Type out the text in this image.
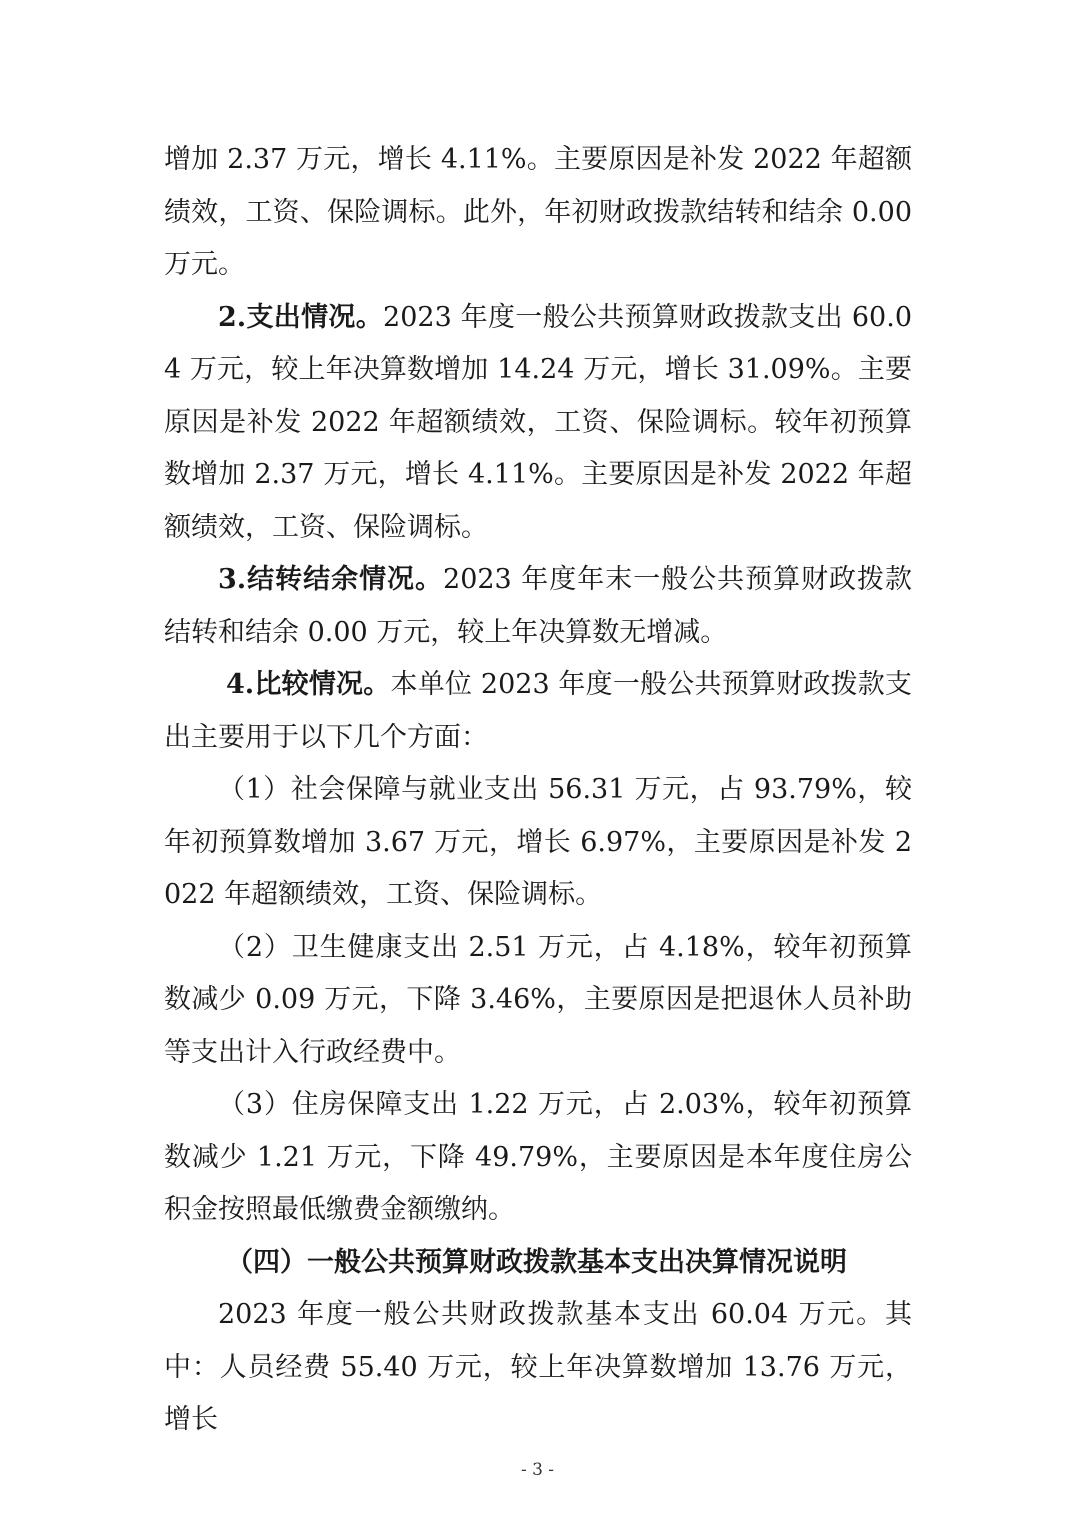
增加 2.37 万元，增长 4.11%。主要原因是补发 2022 年超额绩效，工资、保险调标。此外，年初财政拨款结转和结余 0.00 万元。

2.支出情况。2023 年度一般公共预算财政拨款支出 60.04 万元，较上年决算数增加 14.24 万元，增长 31.09%。主要原因是补发 2022 年超额绩效，工资、保险调标。较年初预算数增加 2.37 万元，增长 4.11%。主要原因是补发 2022 年超额绩效，工资、保险调标。

3.结转结余情况。2023 年度年末一般公共预算财政拨款结转和结余 0.00 万元，较上年决算数无增减。

4.比较情况。本单位 2023 年度一般公共预算财政拨款支出主要用于以下几个方面：

（1）社会保障与就业支出 56.31 万元，占 93.79%，较年初预算数增加 3.67 万元，增长 6.97%，主要原因是补发 2022 年超额绩效，工资、保险调标。

（2）卫生健康支出 2.51 万元，占 4.18%，较年初预算数减少 0.09 万元，下降 3.46%，主要原因是把退休人员补助等支出计入行政经费中。

（3）住房保障支出 1.22 万元，占 2.03%，较年初预算数减少 1.21 万元，下降 49.79%，主要原因是本年度住房公积金按照最低缴费金额缴纳。

（四）一般公共预算财政拨款基本支出决算情况说明

2023 年度一般公共财政拨款基本支出 60.04 万元。其中：人员经费 55.40 万元，较上年决算数增加 13.76 万元，增长

- 3 -
